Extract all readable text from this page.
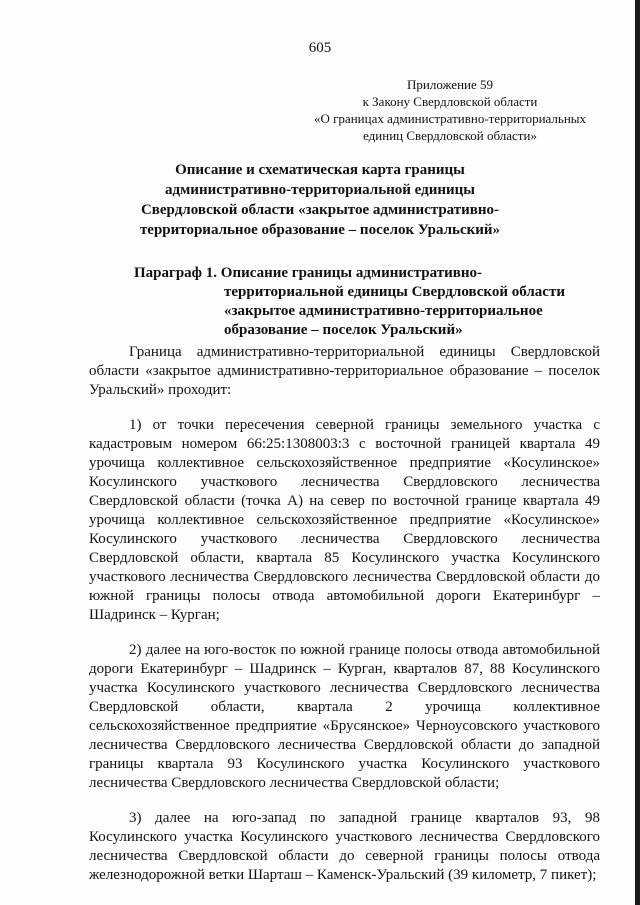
605
Приложение 59
к Закону Свердловской области
«О границах административно-территориальных
единиц Свердловской области»
Описание и схематическая карта границы
административно-территориальной единицы
Свердловской области «закрытое административно-
территориальное образование – поселок Уральский»
Параграф 1. Описание границы административно-
территориальной единицы Свердловской области
«закрытое административно-территориальное
образование – поселок Уральский»

Граница административно-территориальной единицы Свердловской области «закрытое административно-территориальное образование – поселок Уральский» проходит:

1) от точки пересечения северной границы земельного участка с кадастровым номером 66:25:1308003:3 с восточной границей квартала 49 урочища коллективное сельскохозяйственное предприятие «Косулинское» Косулинского участкового лесничества Свердловского лесничества Свердловской области (точка А) на север по восточной границе квартала 49 урочища коллективное сельскохозяйственное предприятие «Косулинское» Косулинского участкового лесничества Свердловского лесничества Свердловской области, квартала 85 Косулинского участка Косулинского участкового лесничества Свердловского лесничества Свердловской области до южной границы полосы отвода автомобильной дороги Екатеринбург – Шадринск – Курган;

2) далее на юго-восток по южной границе полосы отвода автомобильной дороги Екатеринбург – Шадринск – Курган, кварталов 87, 88 Косулинского участка Косулинского участкового лесничества Свердловского лесничества Свердловской области, квартала 2 урочища коллективное сельскохозяйственное предприятие «Брусянское» Черноусовского участкового лесничества Свердловского лесничества Свердловской области до западной границы квартала 93 Косулинского участка Косулинского участкового лесничества Свердловского лесничества Свердловской области;

3) далее на юго-запад по западной границе кварталов 93, 98 Косулинского участка Косулинского участкового лесничества Свердловского лесничества Свердловской области до северной границы полосы отвода железнодорожной ветки Шарташ – Каменск-Уральский (39 километр, 7 пикет);
